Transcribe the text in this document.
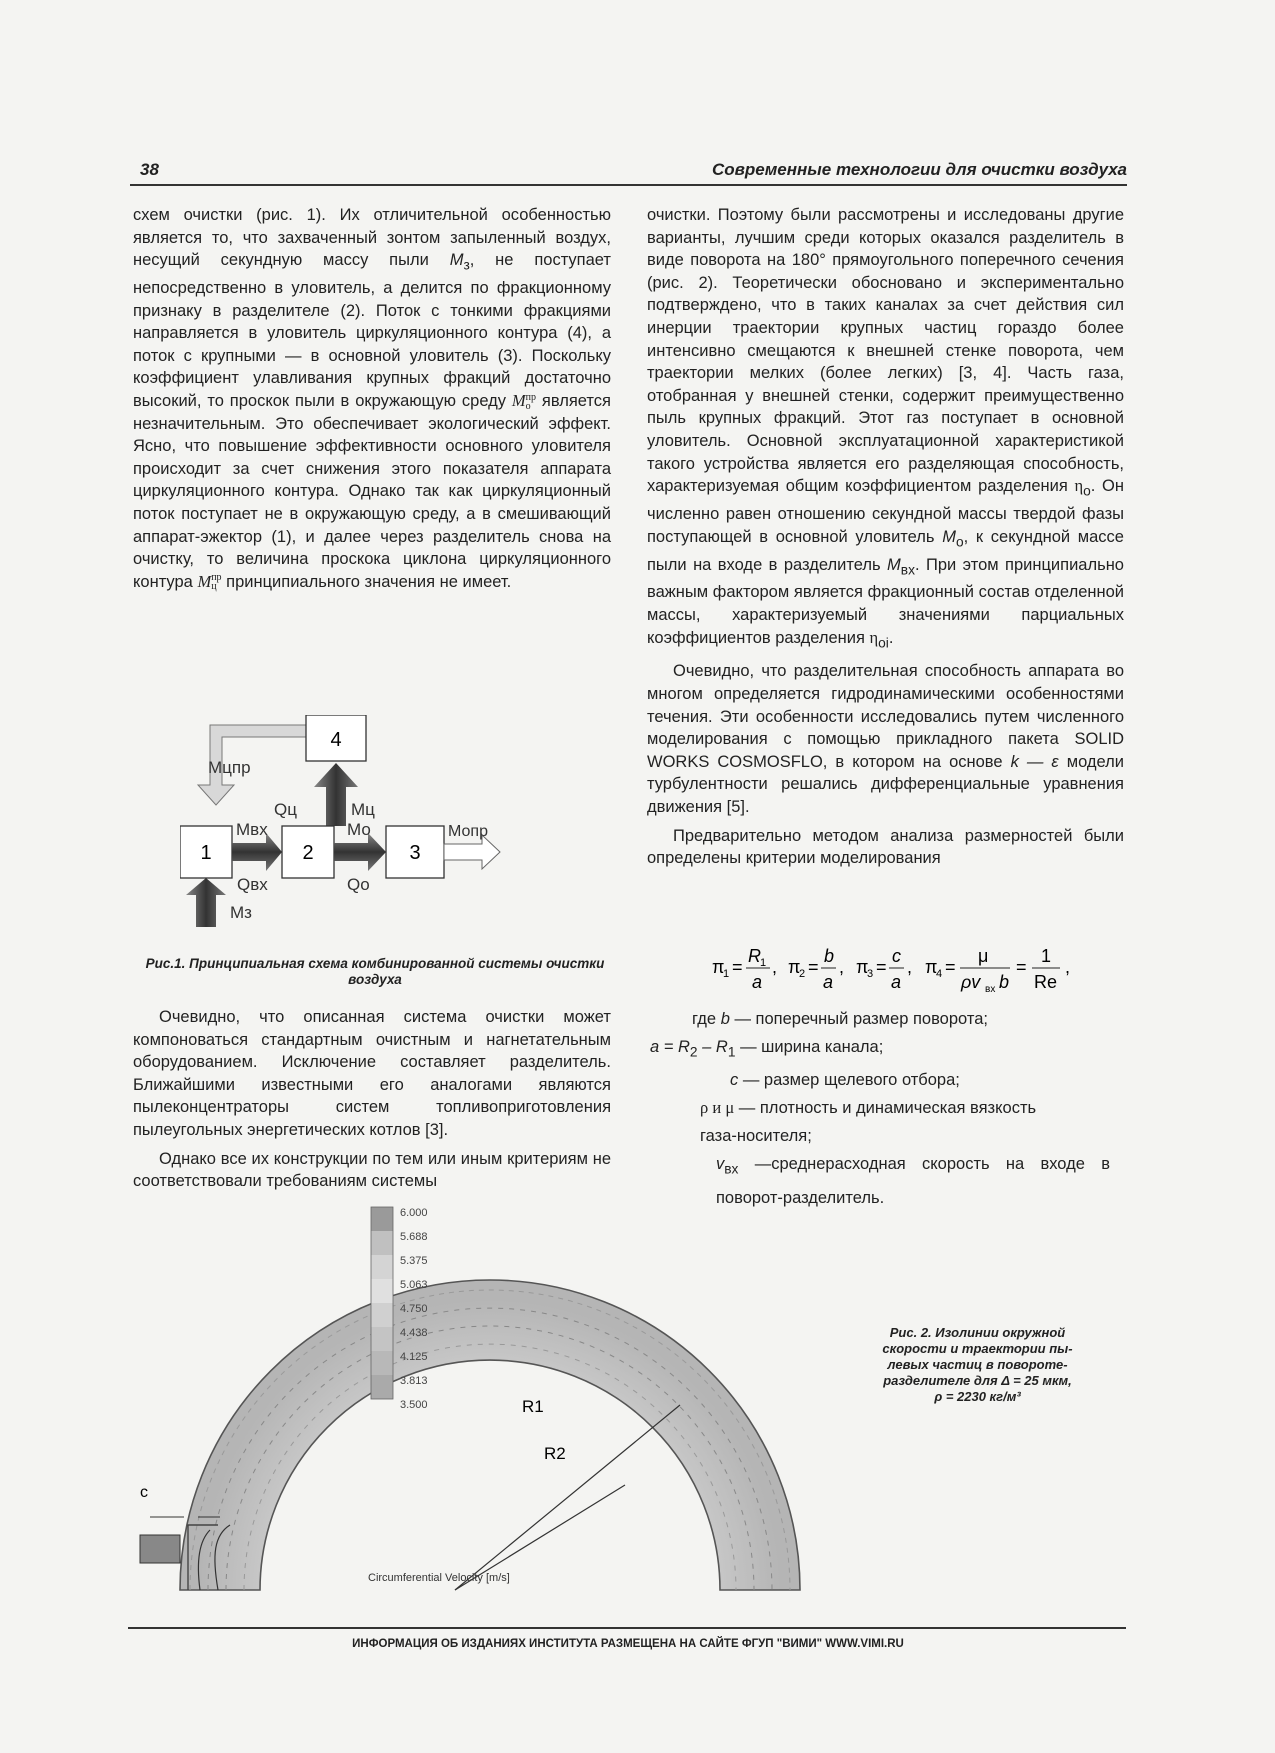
38	Современные технологии для очистки воздуха

схем очистки (рис. 1). Их отличительной особенностью является то, что захваченный зонтом запыленный воздух, несущий секундную массу пыли $М_з$, не поступает непосредственно в уловитель, а делится по фракционному признаку в разделителе (2). Поток с тонкими фракциями направляется в уловитель циркуляционного контура (4), а поток с крупными — в основной уловитель (3). Поскольку коэффициент улавливания крупных фракций достаточно высокий, то проскок пыли в окружающую среду M пр
o является незначительным. Это обеспечивает экологический эффект. Ясно, что повышение эффективности основного уловителя происходит за счет снижения этого показателя аппарата циркуляционного контура. Однако так как циркуляционный поток поступает не в окружающую среду, а в смешивающий аппарат-эжектор (1), и далее через разделитель снова на очистку, то величина проскока циклона циркуляционного контура M пр
ц принципиального значения не имеет.

4
1	2	3
Мцпр
Qц	Мц
Мвх
Qвх
Мо
Qо
Мопр
Мз
Рис.1. Принципиальная схема комбинированной системы очистки воздуха

Очевидно, что описанная система очистки может компоноваться стандартным очистным и нагнетательным оборудованием. Исключение составляет разделитель. Ближайшими известными его аналогами являются пылеконцентраторы систем топливоприготовления пылеугольных энергетических котлов [3].

Однако все их конструкции по тем или иным критериям не соответствовали требованиям системы

очистки. Поэтому были рассмотрены и исследованы другие варианты, лучшим среди которых оказался разделитель в виде поворота на 180° прямоугольного поперечного сечения (рис. 2). Теоретически обосновано и экспериментально подтверждено, что в таких каналах за счет действия сил инерции траектории крупных частиц гораздо более интенсивно смещаются к внешней стенке поворота, чем траектории мелких (более легких) [3, 4]. Часть газа, отобранная у внешней стенки, содержит преимущественно пыль крупных фракций. Этот газ поступает в основной уловитель. Основной эксплуатационной характеристикой такого устройства является его разделяющая способность, характеризуемая общим коэффициентом разделения $\eta_о$. Он численно равен отношению секундной массы твердой фазы поступающей в основной уловитель $М_о$, к секундной массе пыли на входе в разделитель $М_{вх}$. При этом принципиально важным фактором является фракционный состав отделенной массы, характеризуемый значениями парциальных коэффициентов разделения $\eta_{оi}$.

Очевидно, что разделительная способность аппарата во многом определяется гидродинамическими особенностями течения. Эти особенности исследовались путем численного моделирования с помощью прикладного пакета SOLID WORKS COSMOSFLO, в котором на основе k — ε модели турбулентности решались дифференциальные уравнения движения [5].

Предварительно методом анализа размерностей были определены критерии моделирования

π
1 =
R 1
a
, π
2 =
b
a
, π
3 =
c
a
, π
4 =
μ
ρv вх b
=
1
Re
,
где b — поперечный размер поворота;
$a = R_2 - R_1$ — ширина канала;
c — размер щелевого отбора;
ρ и μ — плотность и динамическая вязкость газа-носителя;
$v_{вх}$ —среднерасходная скорость на входе в поворот-разделитель.
c
R1
R2
6.000
5.688
5.375
5.063
4.750
4.438
4.125
3.813
3.500
Circumferential Velocity [m/s]
Рис. 2. Изолинии окружной
скорости и траектории пы-
левых частиц в повороте-
разделителе для Δ = 25 мкм,
ρ = 2230 кг/м³
ИНФОРМАЦИЯ ОБ ИЗДАНИЯХ ИНСТИТУТА РАЗМЕЩЕНА НА САЙТЕ ФГУП "ВИМИ" WWW.VIMI.RU
